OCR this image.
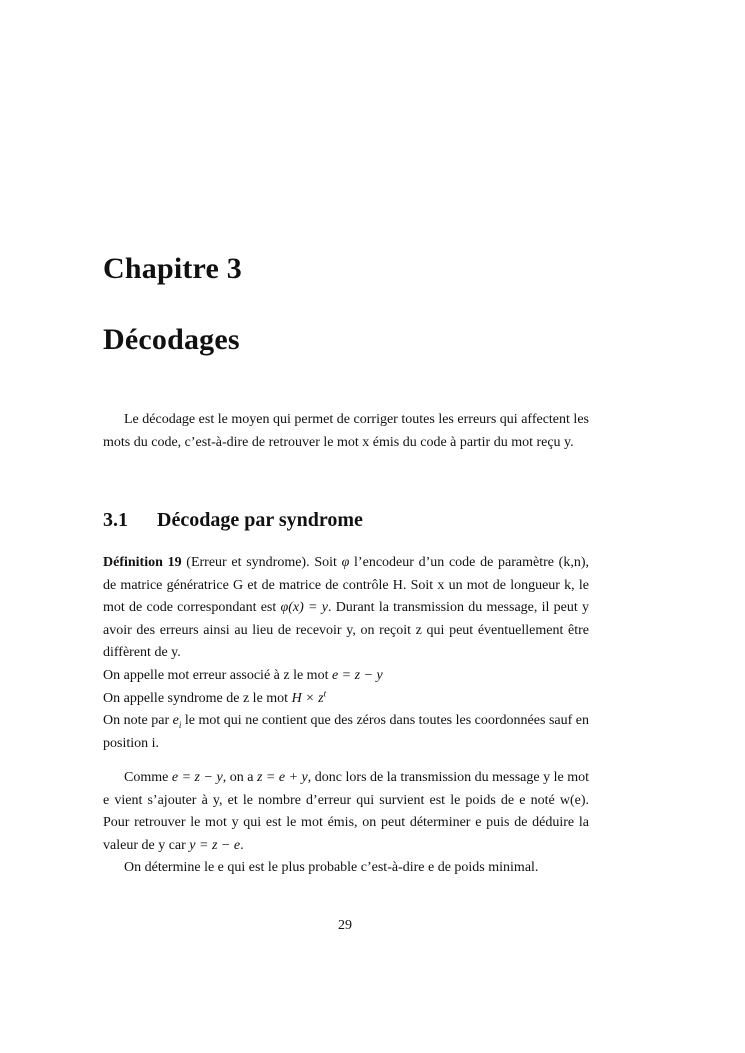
Chapitre 3
Décodages

Le décodage est le moyen qui permet de corriger toutes les erreurs qui affectent les mots du code, c’est-à-dire de retrouver le mot x émis du code à partir du mot reçu y.

3.1 Décodage par syndrome

Définition 19 (Erreur et syndrome). Soit φ l’encodeur d’un code de paramètre (k,n), de matrice génératrice G et de matrice de contrôle H. Soit x un mot de longueur k, le mot de code correspondant est φ(x) = y. Durant la transmission du message, il peut y avoir des erreurs ainsi au lieu de recevoir y, on reçoit z qui peut éventuellement être diffèrent de y.

On appelle mot erreur associé à z le mot e = z − y

On appelle syndrome de z le mot $H \times z^t$

On note par $e_i$ le mot qui ne contient que des zéros dans toutes les coordonnées sauf en position i.

Comme e = z − y, on a z = e + y, donc lors de la transmission du message y le mot e vient s’ajouter à y, et le nombre d’erreur qui survient est le poids de e noté w(e). Pour retrouver le mot y qui est le mot émis, on peut déterminer e puis de déduire la valeur de y car y = z − e.

On détermine le e qui est le plus probable c’est-à-dire e de poids minimal.

29
